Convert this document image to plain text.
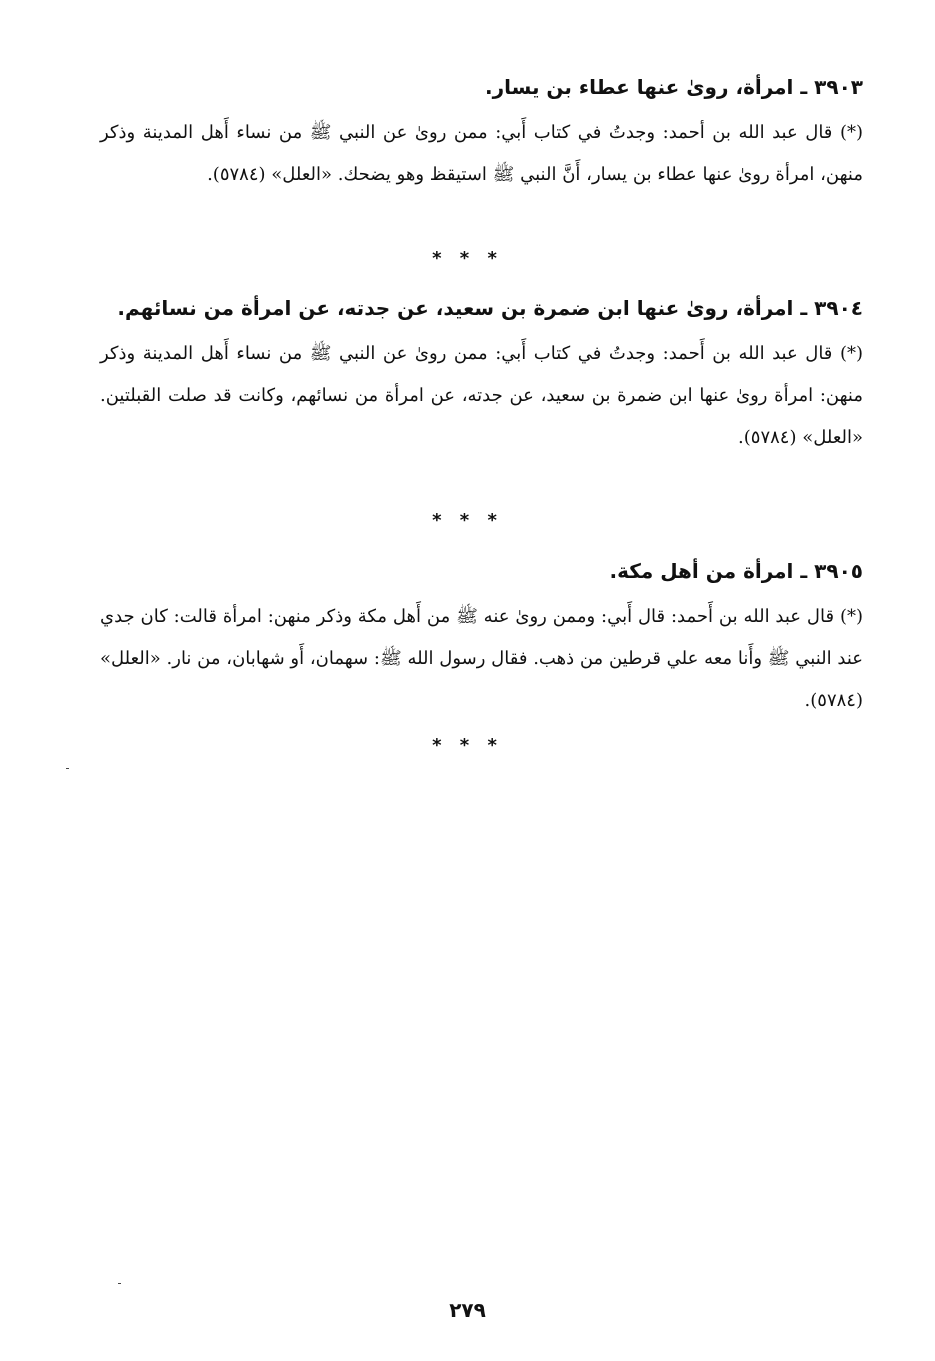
٣٩٠٣ ـ امرأة، روىٰ عنها عطاء بن يسار.
(*) قال عبد الله بن أحمد: وجدتُ في كتاب أَبي: ممن روىٰ عن النبي ﷺ من نساء أَهل المدينة وذكر منهن، امرأة روىٰ عنها عطاء بن يسار، أَنَّ النبي ﷺ استيقظ وهو يضحك. «العلل» (٥٧٨٤).
* * *
٣٩٠٤ ـ امرأة، روىٰ عنها ابن ضمرة بن سعيد، عن جدته، عن امرأة من نسائهم.
(*) قال عبد الله بن أَحمد: وجدتُ في كتاب أَبي: ممن روىٰ عن النبي ﷺ من نساء أَهل المدينة وذكر منهن: امرأة روىٰ عنها ابن ضمرة بن سعيد، عن جدته، عن امرأة من نسائهم، وكانت قد صلت القبلتين. «العلل» (٥٧٨٤).
* * *
٣٩٠٥ ـ امرأة من أهل مكة.
(*) قال عبد الله بن أَحمد: قال أَبي: وممن روىٰ عنه ﷺ من أَهل مكة وذكر منهن: امرأة قالت: كان جدي عند النبي ﷺ وأَنا معه علي قرطين من ذهب. فقال رسول الله ﷺ: سهمان، أَو شهابان، من نار. «العلل» (٥٧٨٤).
* * *
٢٧٩
